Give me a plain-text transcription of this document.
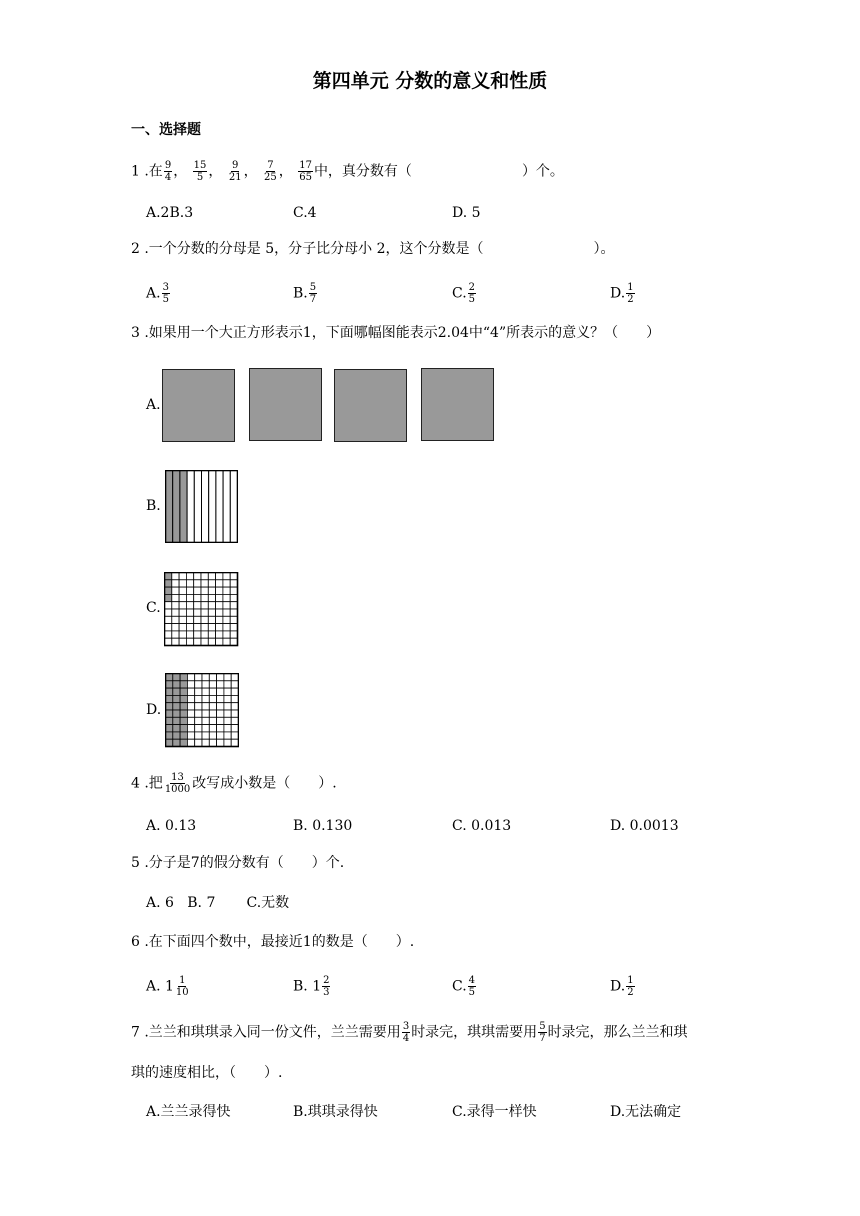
第四单元 分数的意义和性质
一、选择题
1 .在 $\frac{9}{4}$ ， $\frac{15}{5}$ ， $\frac{9}{21}$ ， $\frac{7}{25}$ ， $\frac{17}{65}$ 中，真分数有（	）个。
A.2B.3	C.4	D. 5
2 .一个分数的分母是 5，分子比分母小 2，这个分数是（	）。
A. $\frac{3}{5}$	B. $\frac{5}{7}$	C. $\frac{2}{5}$	D. $\frac{1}{2}$
3 .如果用一个大正方形表示1，下面哪幅图能表示2.04中“4”所表示的意义？（　　）
A.
B.
C.
D.
4 .把 $\frac{13}{1000}$ 改写成小数是（　　）.
A. 0.13	B. 0.130	C. 0.013	D. 0.0013
5 .分子是7的假分数有（　　）个.
A. 6   B. 7       C.无数
6 .在下面四个数中，最接近1的数是（　　）.
A. $1 \frac{1}{10}$	B. $1 \frac{2}{3}$	C. $\frac{4}{5}$	D. $\frac{1}{2}$
7 .兰兰和琪琪录入同一份文件，兰兰需要用 $\frac{3}{4}$ 时录完，琪琪需要用 $\frac{5}{7}$ 时录完，那么兰兰和琪
琪的速度相比，（　　）.
A.兰兰录得快	B.琪琪录得快	C.录得一样快	D.无法确定
